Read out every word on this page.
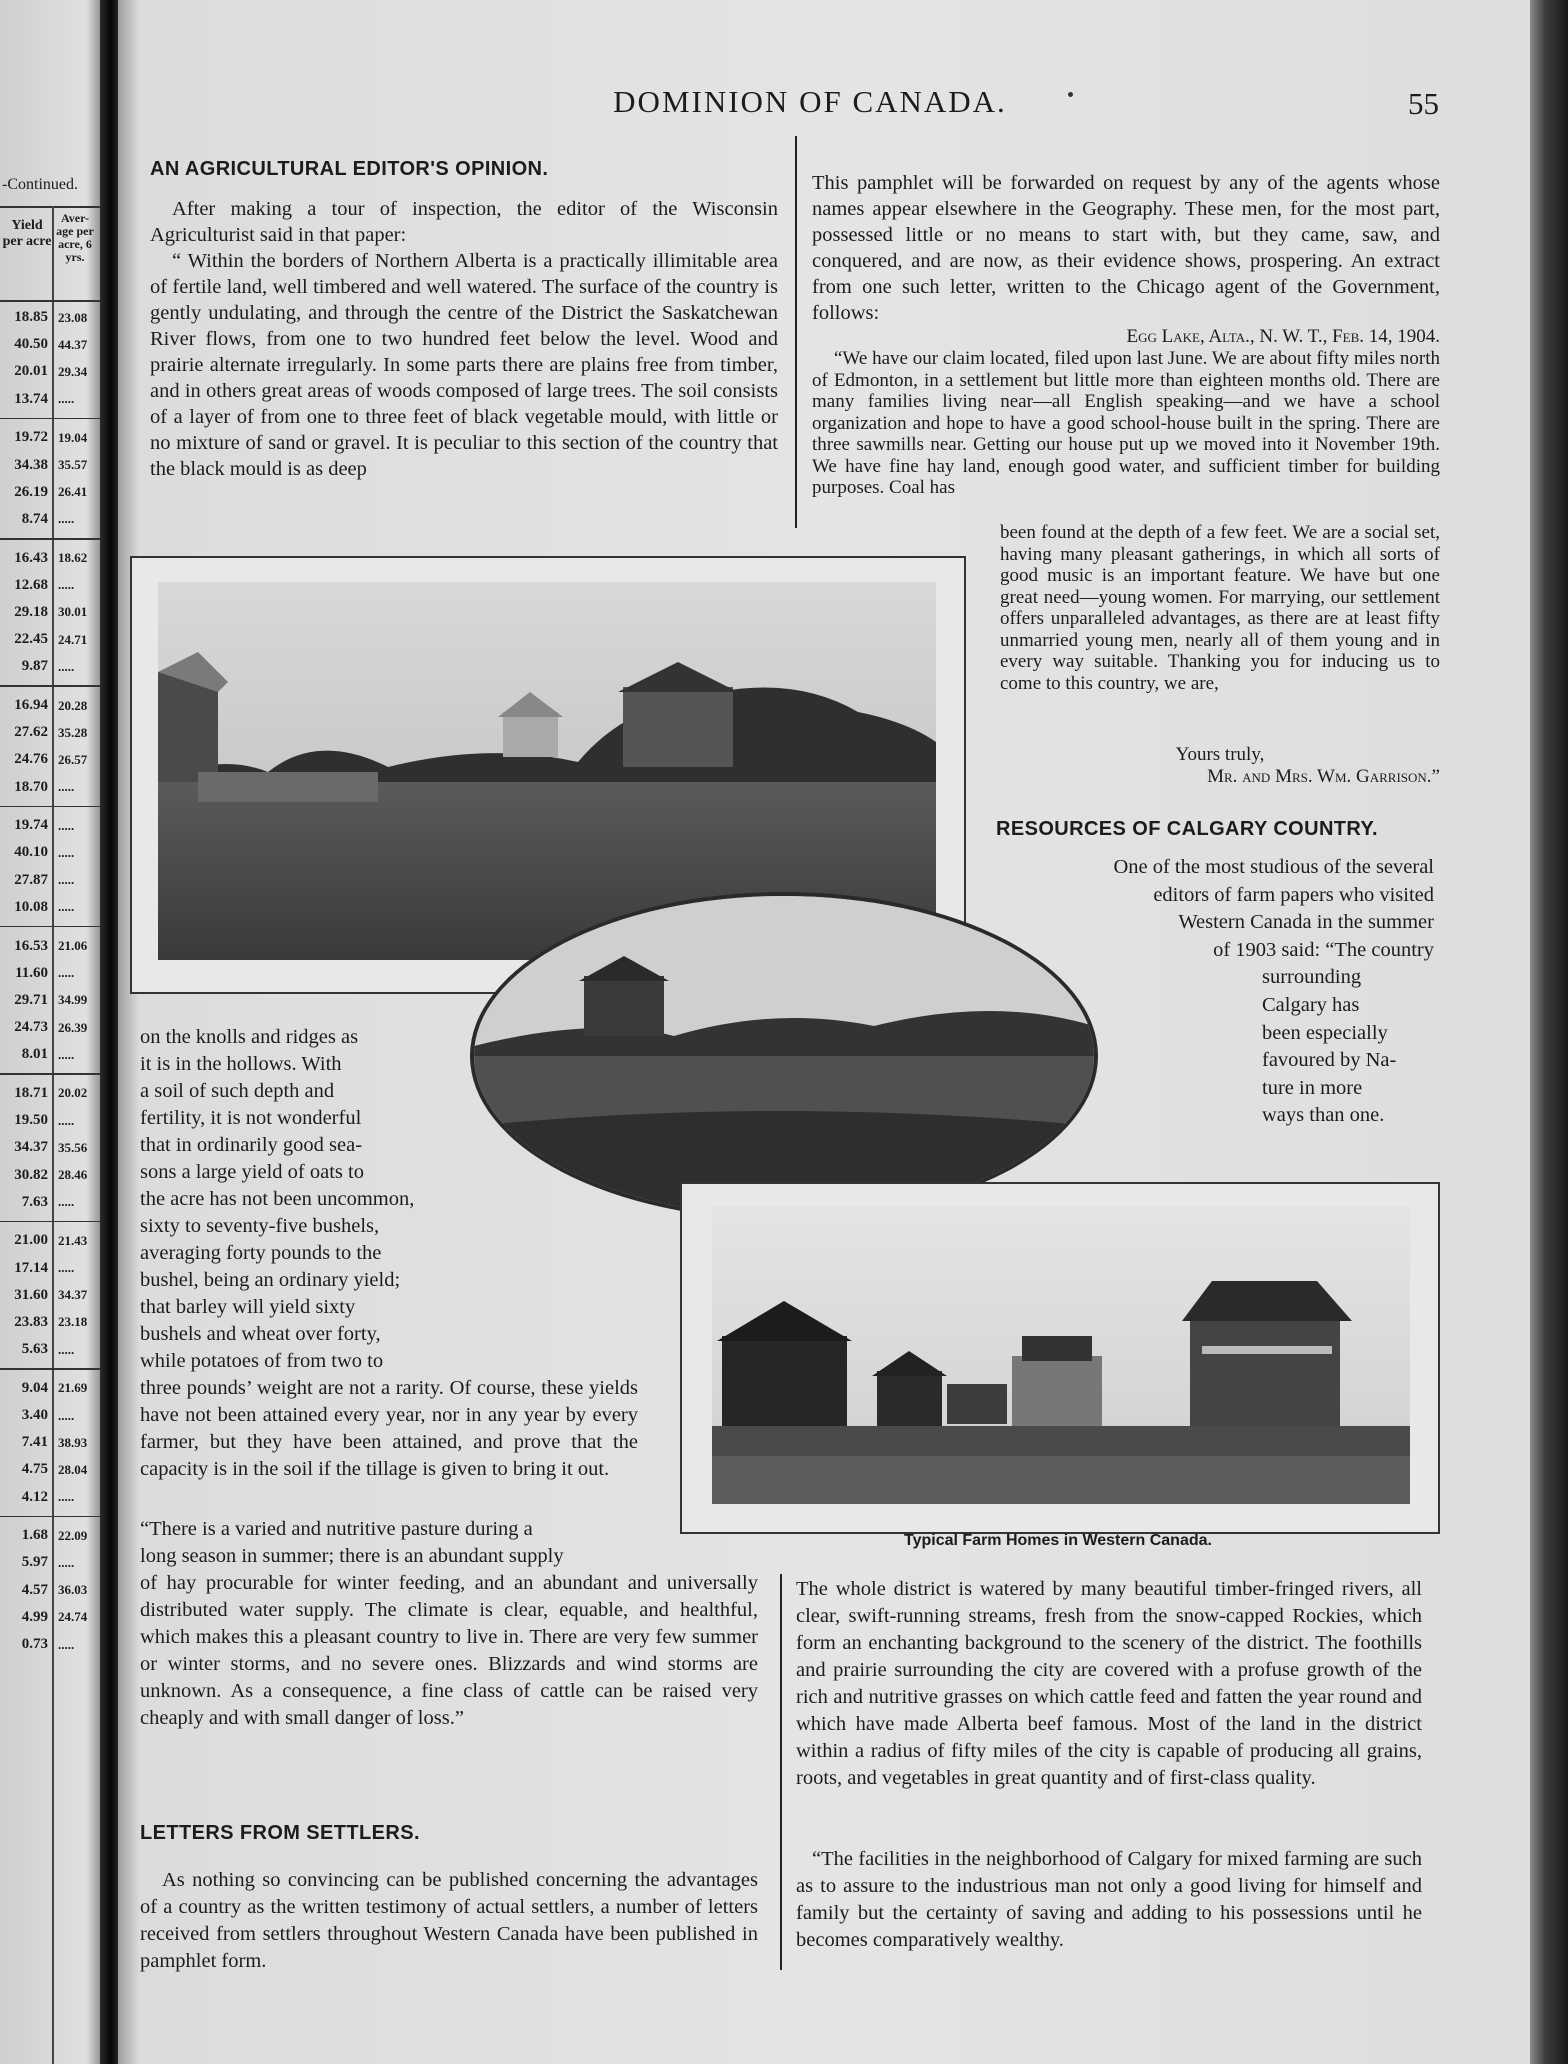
-Continued.
Yield per acre
Aver- age per acre, 6 yrs.
18.85 23.08
40.50 44.37
20.01 29.34
13.74 .....
19.72 19.04
34.38 35.57
26.19 26.41
8.74 .....
16.43 18.62
12.68 .....
29.18 30.01
22.45 24.71
9.87 .....
16.94 20.28
27.62 35.28
24.76 26.57
18.70 .....
19.74 .....
40.10 .....
27.87 .....
10.08 .....
16.53 21.06
11.60 .....
29.71 34.99
24.73 26.39
8.01 .....
18.71 20.02
19.50 .....
34.37 35.56
30.82 28.46
7.63 .....
21.00 21.43
17.14 .....
31.60 34.37
23.83 23.18
5.63 .....
9.04 21.69
3.40 .....
7.41 38.93
4.75 28.04
4.12 .....
1.68 22.09
5.97 .....
4.57 36.03
4.99 24.74
0.73 .....
DOMINION OF CANADA.	55
AN AGRICULTURAL EDITOR'S OPINION.

After making a tour of inspection, the editor of the Wisconsin Agriculturist said in that paper:

“ Within the borders of Northern Alberta is a practically illimitable area of fertile land, well timbered and well watered. The surface of the country is gently undulating, and through the centre of the District the Saskatchewan River flows, from one to two hundred feet below the level. Wood and prairie alternate irregularly. In some parts there are plains free from timber, and in others great areas of woods composed of large trees. The soil consists of a layer of from one to three feet of black vegetable mould, with little or no mixture of sand or gravel. It is peculiar to this section of the country that the black mould is as deep

on the knolls and ridges as
it is in the hollows. With
a soil of such depth and
fertility, it is not wonderful
that in ordinarily good sea-
sons a large yield of oats to
the acre has not been uncommon,
sixty to seventy-five bushels,
averaging forty pounds to the
bushel, being an ordinary yield;
that barley will yield sixty
bushels and wheat over forty,
while potatoes of from two to

three pounds’ weight are not a rarity. Of course, these yields have not been attained every year, nor in any year by every farmer, but they have been attained, and prove that the capacity is in the soil if the tillage is given to bring it out.

“There is a varied and nutritive pasture during a
long season in summer; there is an abundant supply

of hay procurable for winter feeding, and an abundant and universally distributed water supply. The climate is clear, equable, and healthful, which makes this a pleasant country to live in. There are very few summer or winter storms, and no severe ones. Blizzards and wind storms are unknown. As a consequence, a fine class of cattle can be raised very cheaply and with small danger of loss.”

LETTERS FROM SETTLERS.

As nothing so convincing can be published concerning the advantages of a country as the written testimony of actual settlers, a number of letters received from settlers throughout Western Canada have been published in pamphlet form.

This pamphlet will be forwarded on request by any of the agents whose names appear elsewhere in the Geography. These men, for the most part, possessed little or no means to start with, but they came, saw, and conquered, and are now, as their evidence shows, prospering. An extract from one such letter, written to the Chicago agent of the Government, follows:

Egg Lake, Alta., N. W. T., Feb. 14, 1904.

“We have our claim located, filed upon last June. We are about fifty miles north of Edmonton, in a settlement but little more than eighteen months old. There are many families living near—all English speaking—and we have a school organization and hope to have a good school-house built in the spring. There are three sawmills near. Getting our house put up we moved into it November 19th. We have fine hay land, enough good water, and sufficient timber for building purposes. Coal has

been found at the depth of a few feet. We are a social set, having many pleasant gatherings, in which all sorts of good music is an important feature. We have but one great need—young women. For marrying, our settlement offers unparalleled advantages, as there are at least fifty unmarried young men, nearly all of them young and in every way suitable. Thanking you for inducing us to come to this country, we are,

Yours truly,

Mr. and Mrs. Wm. Garrison.”

RESOURCES OF CALGARY COUNTRY.
One of the most studious of the several
editors of farm papers who visited
Western Canada in the summer
of 1903 said: “The country
surrounding
Calgary has
been especially
favoured by Na-
ture in more
ways than one.
Typical Farm Homes in Western Canada.

The whole district is watered by many beautiful timber-fringed rivers, all clear, swift-running streams, fresh from the snow-capped Rockies, which form an enchanting background to the scenery of the district. The foothills and prairie surrounding the city are covered with a profuse growth of the rich and nutritive grasses on which cattle feed and fatten the year round and which have made Alberta beef famous. Most of the land in the district within a radius of fifty miles of the city is capable of producing all grains, roots, and vegetables in great quantity and of first-class quality.

“The facilities in the neighborhood of Calgary for mixed farming are such as to assure to the industrious man not only a good living for himself and family but the certainty of saving and adding to his possessions until he becomes comparatively wealthy.
